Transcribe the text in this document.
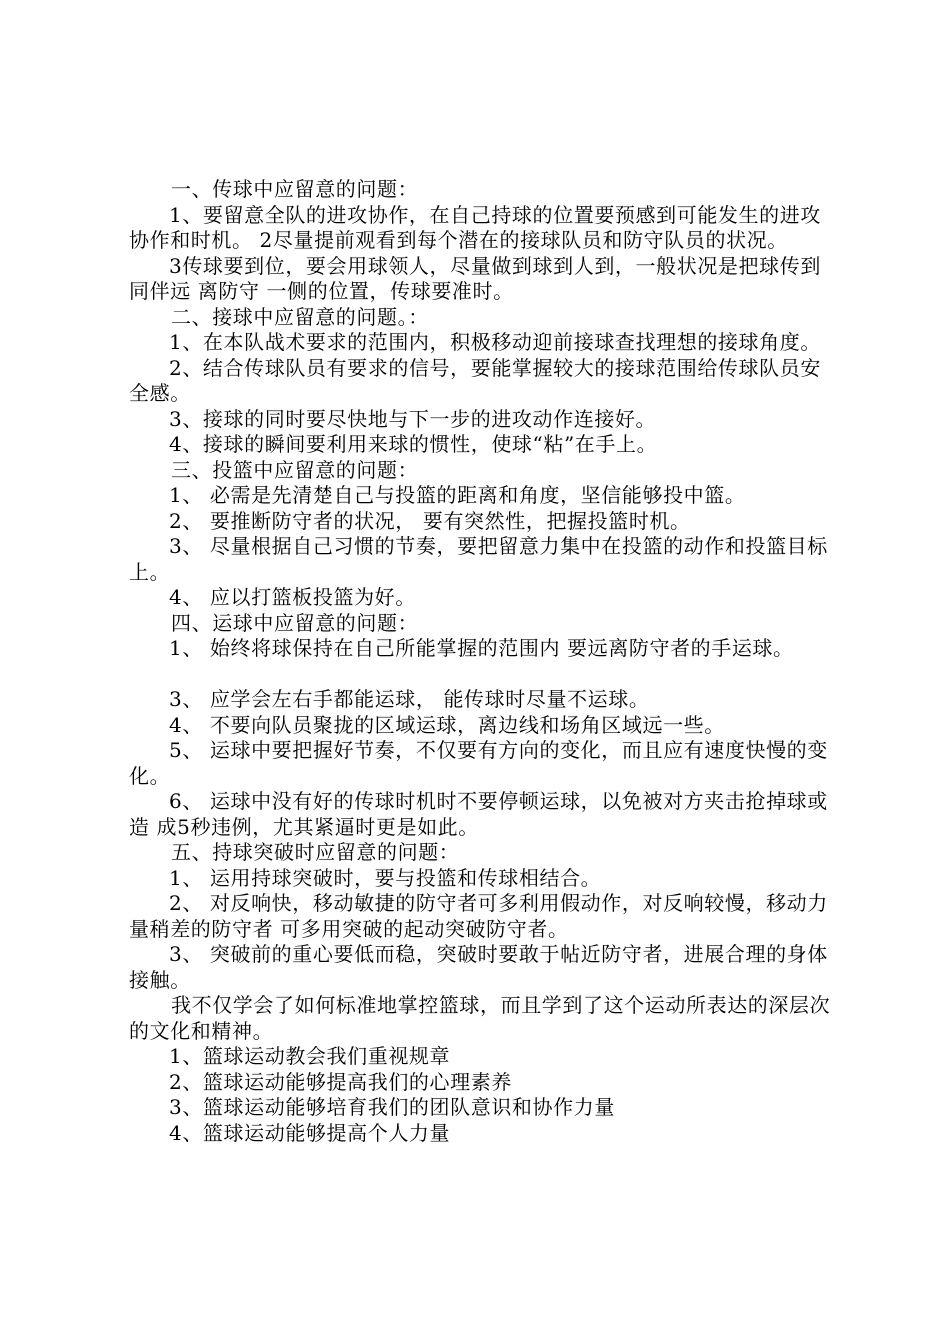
一、传球中应留意的问题：

1、要留意全队的进攻协作，在自己持球的位置要预感到可能发生的进攻协作和时机。 2尽量提前观看到每个潜在的接球队员和防守队员的状况。

3传球要到位，要会用球领人，尽量做到球到人到，一般状况是把球传到同伴远 离防守 一侧的位置，传球要准时。

二、接球中应留意的问题。：

1、在本队战术要求的范围内，积极移动迎前接球查找理想的接球角度。

2、结合传球队员有要求的信号，要能掌握较大的接球范围给传球队员安全感。

3、接球的同时要尽快地与下一步的进攻动作连接好。

4、接球的瞬间要利用来球的惯性，使球“粘”在手上。

三、投篮中应留意的问题：

1、 必需是先清楚自己与投篮的距离和角度，坚信能够投中篮。

2、 要推断防守者的状况， 要有突然性，把握投篮时机。

3、 尽量根据自己习惯的节奏，要把留意力集中在投篮的动作和投篮目标上。

4、 应以打篮板投篮为好。

四、运球中应留意的问题：

1、 始终将球保持在自己所能掌握的范围内 要远离防守者的手运球。

3、 应学会左右手都能运球， 能传球时尽量不运球。

4、 不要向队员聚拢的区域运球，离边线和场角区域远一些。

5、 运球中要把握好节奏，不仅要有方向的变化，而且应有速度快慢的变化。

6、 运球中没有好的传球时机时不要停顿运球，以免被对方夹击抢掉球或造 成5秒违例，尤其紧逼时更是如此。

五、持球突破时应留意的问题：

1、 运用持球突破时，要与投篮和传球相结合。

2、 对反响快，移动敏捷的防守者可多利用假动作，对反响较慢，移动力量稍差的防守者 可多用突破的起动突破防守者。

3、 突破前的重心要低而稳，突破时要敢于帖近防守者，进展合理的身体接触。

我不仅学会了如何标准地掌控篮球，而且学到了这个运动所表达的深层次的文化和精神。

1、篮球运动教会我们重视规章

2、篮球运动能够提高我们的心理素养

3、篮球运动能够培育我们的团队意识和协作力量

4、篮球运动能够提高个人力量
